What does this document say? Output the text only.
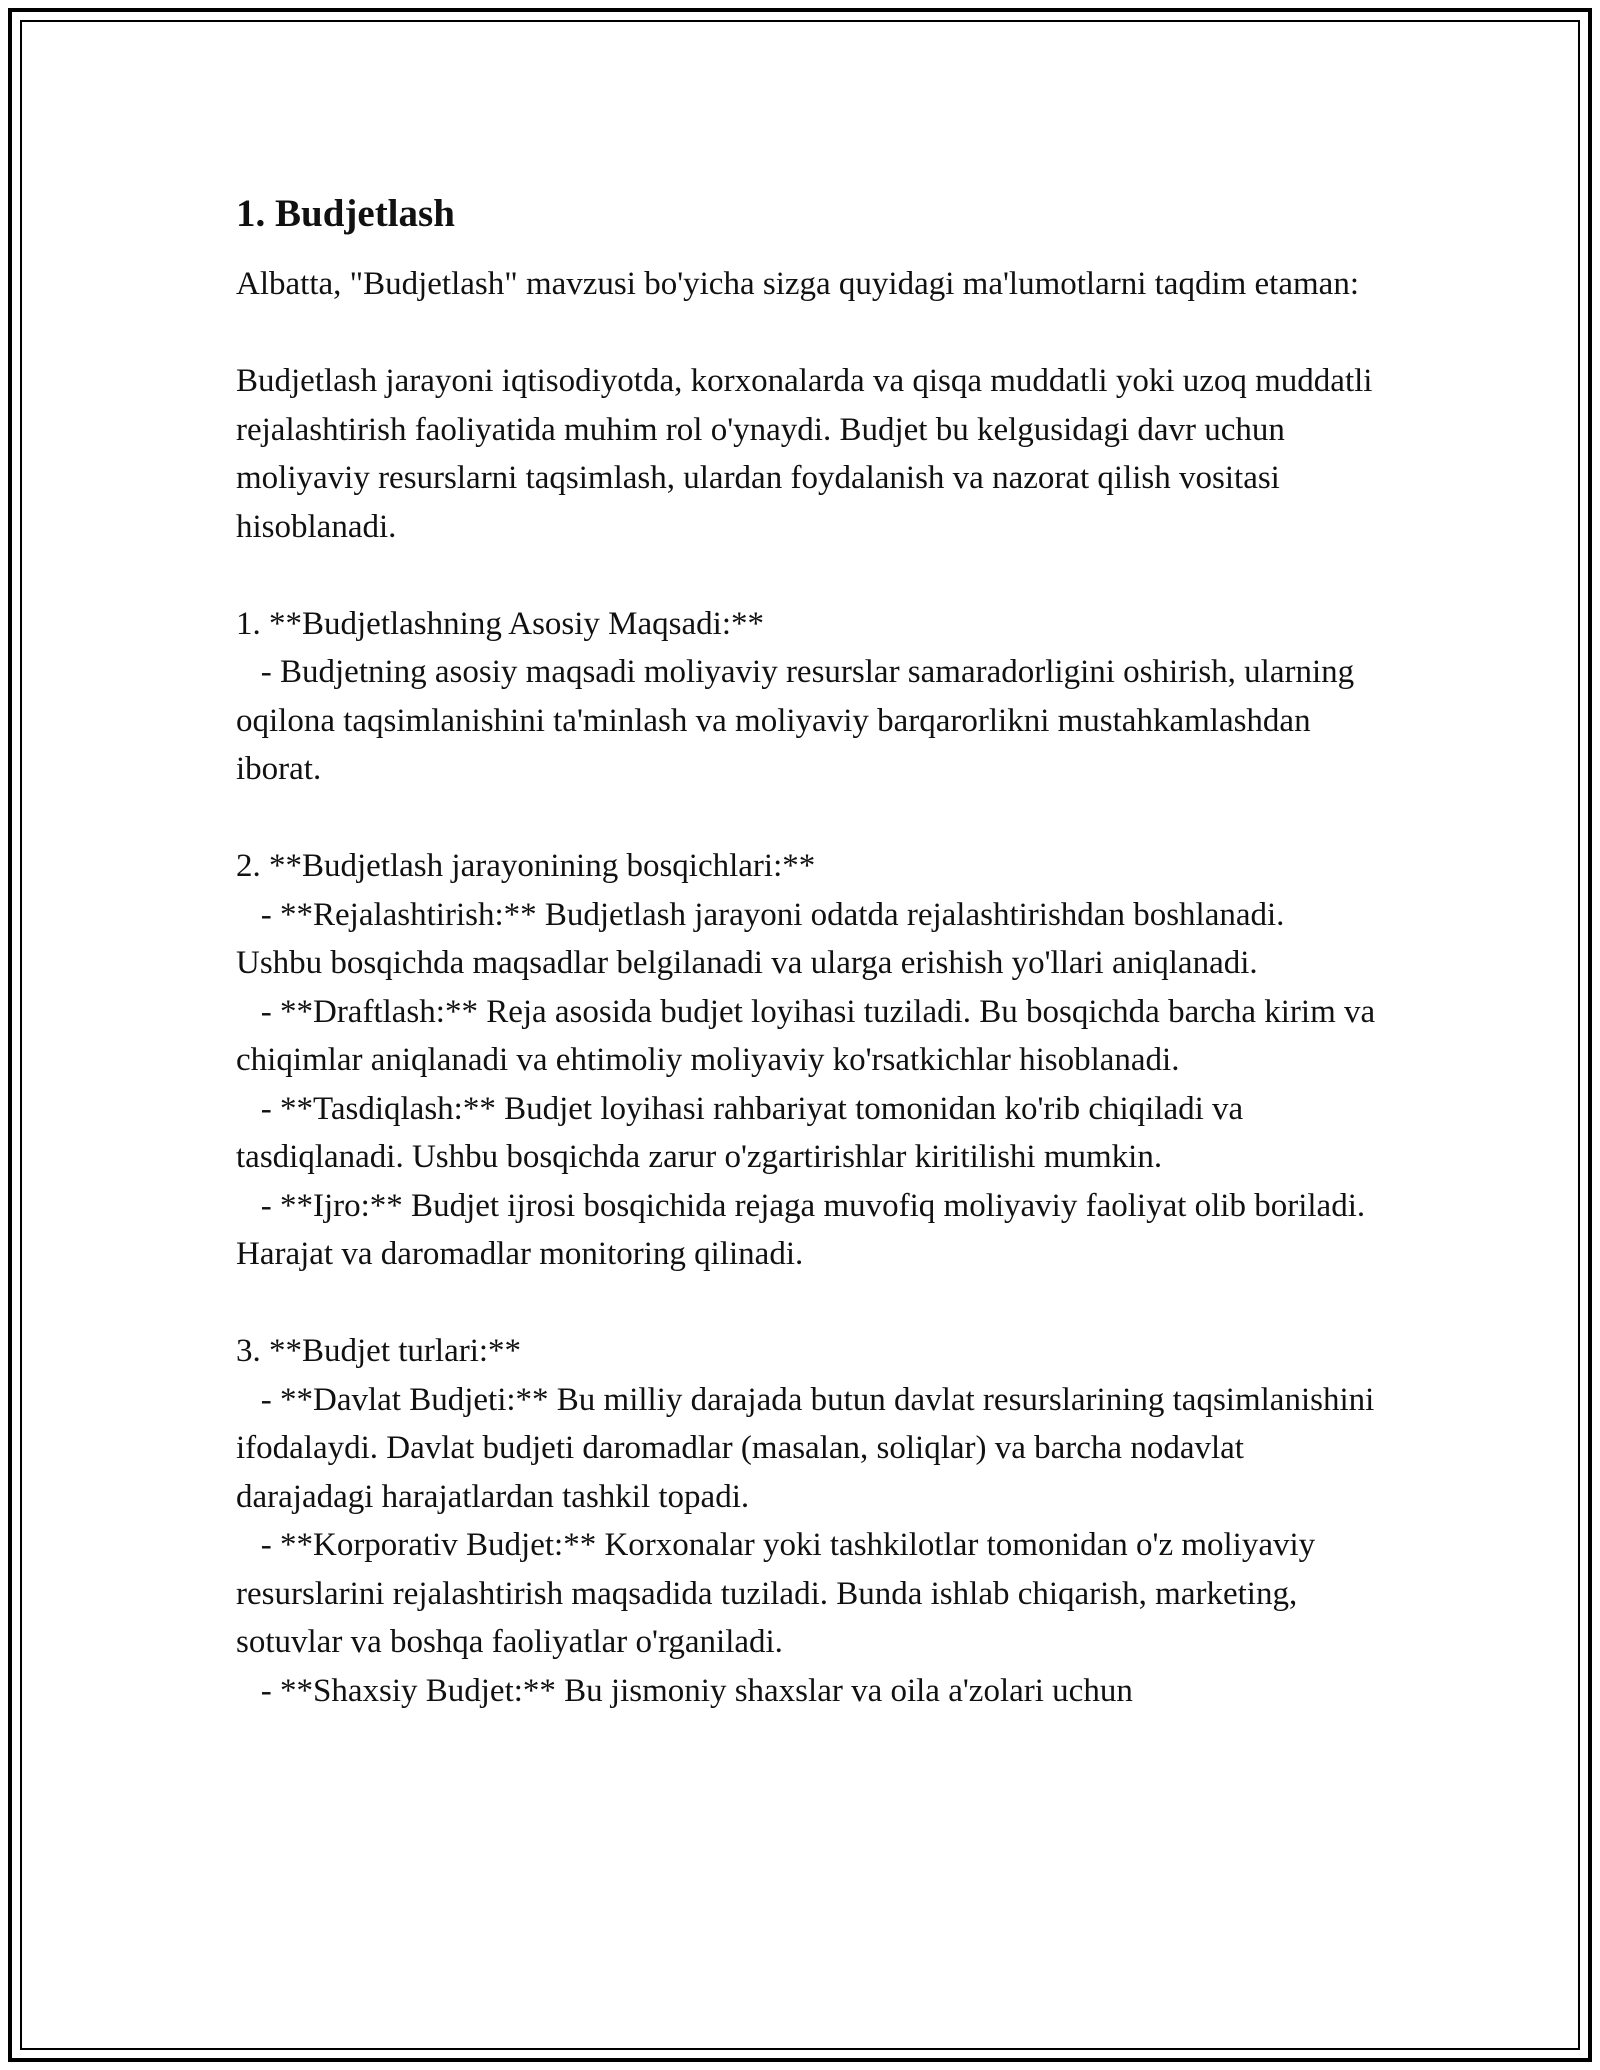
1. Budjetlash

Albatta, "Budjetlash" mavzusi bo'yicha sizga quyidagi ma'lumotlarni taqdim etaman:

Budjetlash jarayoni iqtisodiyotda, korxonalarda va qisqa muddatli yoki uzoq muddatli rejalashtirish faoliyatida muhim rol o'ynaydi. Budjet bu kelgusidagi davr uchun moliyaviy resurslarni taqsimlash, ulardan foydalanish va nazorat qilish vositasi hisoblanadi.

1. **Budjetlashning Asosiy Maqsadi:**

- Budjetning asosiy maqsadi moliyaviy resurslar samaradorligini oshirish, ularning oqilona taqsimlanishini ta'minlash va moliyaviy barqarorlikni mustahkamlashdan iborat.

2. **Budjetlash jarayonining bosqichlari:**

- **Rejalashtirish:** Budjetlash jarayoni odatda rejalashtirishdan boshlanadi. Ushbu bosqichda maqsadlar belgilanadi va ularga erishish yo'llari aniqlanadi.

- **Draftlash:** Reja asosida budjet loyihasi tuziladi. Bu bosqichda barcha kirim va chiqimlar aniqlanadi va ehtimoliy moliyaviy ko'rsatkichlar hisoblanadi.

- **Tasdiqlash:** Budjet loyihasi rahbariyat tomonidan ko'rib chiqiladi va tasdiqlanadi. Ushbu bosqichda zarur o'zgartirishlar kiritilishi mumkin.

- **Ijro:** Budjet ijrosi bosqichida rejaga muvofiq moliyaviy faoliyat olib boriladi. Harajat va daromadlar monitoring qilinadi.

3. **Budjet turlari:**

- **Davlat Budjeti:** Bu milliy darajada butun davlat resurslarining taqsimlanishini ifodalaydi. Davlat budjeti daromadlar (masalan, soliqlar) va barcha nodavlat darajadagi harajatlardan tashkil topadi.

- **Korporativ Budjet:** Korxonalar yoki tashkilotlar tomonidan o'z moliyaviy resurslarini rejalashtirish maqsadida tuziladi. Bunda ishlab chiqarish, marketing, sotuvlar va boshqa faoliyatlar o'rganiladi.

- **Shaxsiy Budjet:** Bu jismoniy shaxslar va oila a'zolari uchun
